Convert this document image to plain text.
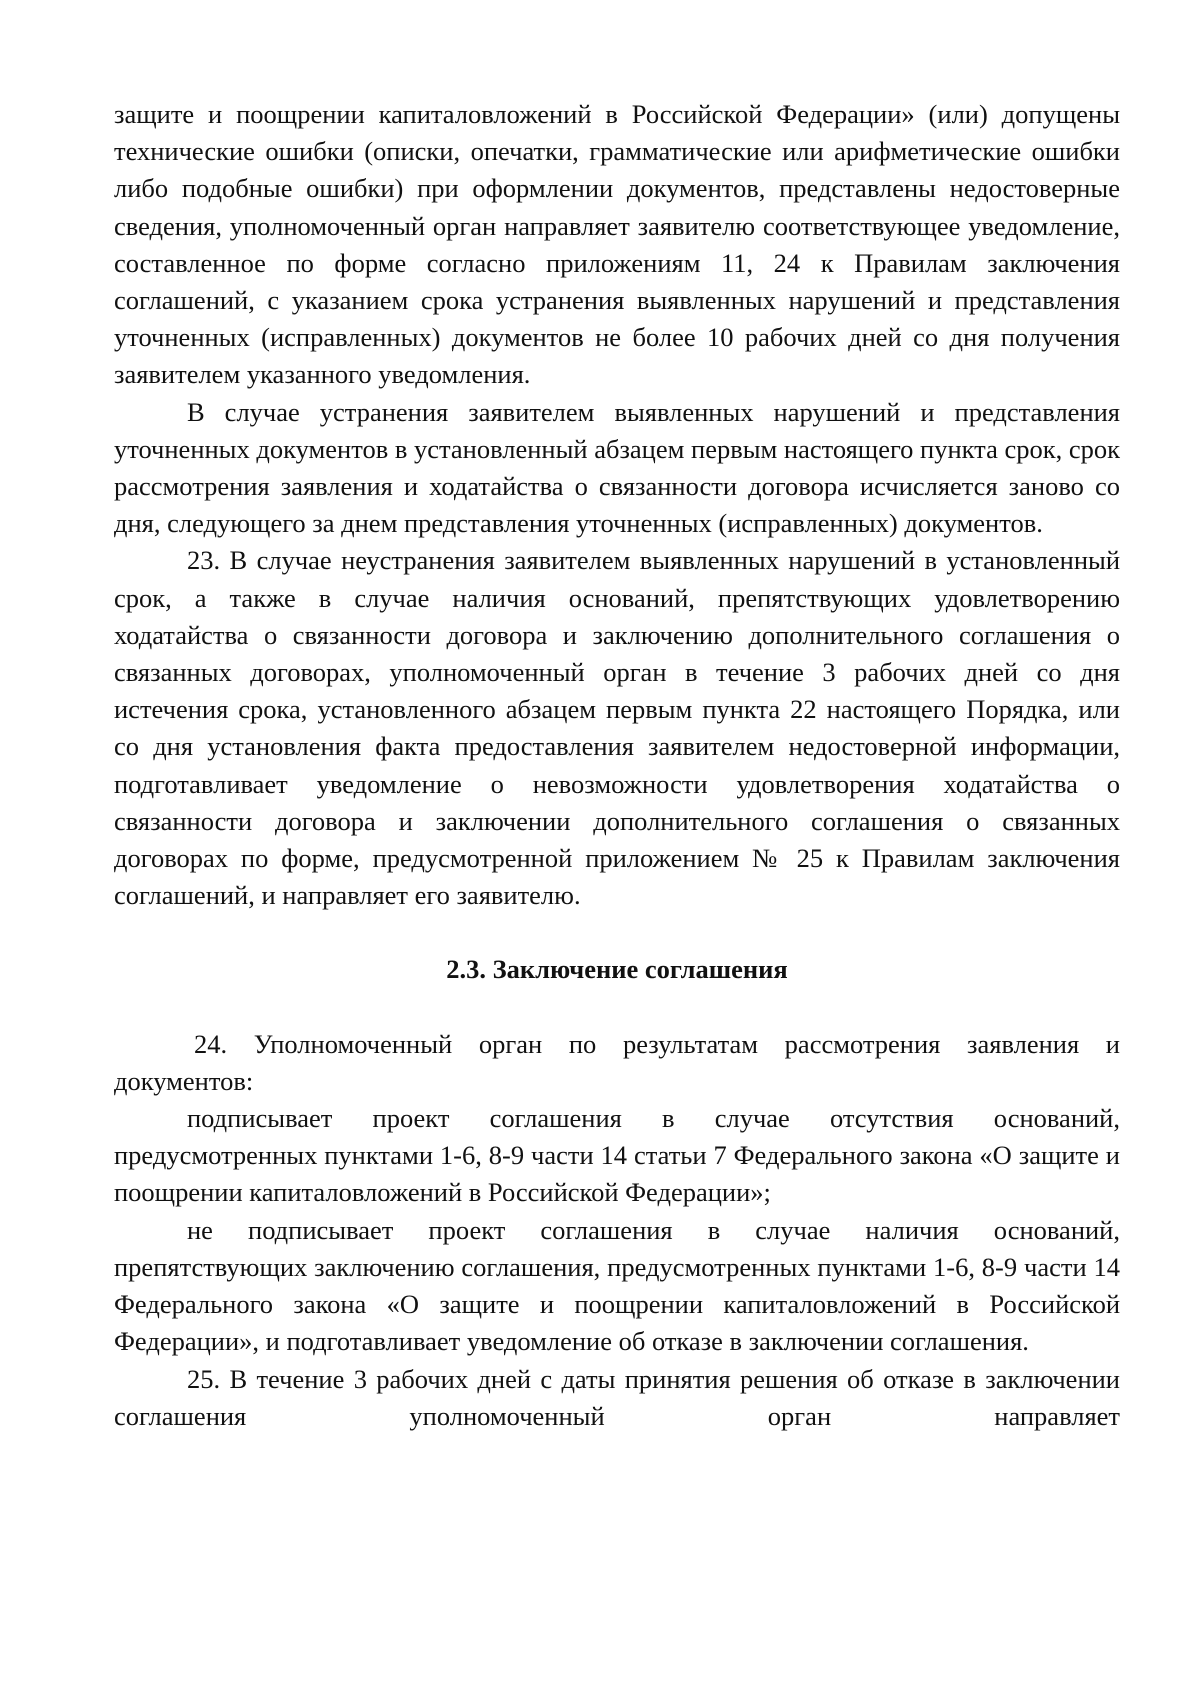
защите и поощрении капиталовложений в Российской Федерации» (или) допущены технические ошибки (описки, опечатки, грамматические или арифметические ошибки либо подобные ошибки) при оформлении документов, представлены недостоверные сведения, уполномоченный орган направляет заявителю соответствующее уведомление, составленное по форме согласно приложениям 11, 24 к Правилам заключения соглашений, с указанием срока устранения выявленных нарушений и представления уточненных (исправленных) документов не более 10 рабочих дней со дня получения заявителем указанного уведомления.

В случае устранения заявителем выявленных нарушений и представления уточненных документов в установленный абзацем первым настоящего пункта срок, срок рассмотрения заявления и ходатайства о связанности договора исчисляется заново со дня, следующего за днем представления уточненных (исправленных) документов.

23. В случае неустранения заявителем выявленных нарушений в установленный срок, а также в случае наличия оснований, препятствующих удовлетворению ходатайства о связанности договора и заключению дополнительного соглашения о связанных договорах, уполномоченный орган в течение 3 рабочих дней со дня истечения срока, установленного абзацем первым пункта 22 настоящего Порядка, или со дня установления факта предоставления заявителем недостоверной информации, подготавливает уведомление о невозможности удовлетворения ходатайства о связанности договора и заключении дополнительного соглашения о связанных договорах по форме, предусмотренной приложением № 25 к Правилам заключения соглашений, и направляет его заявителю.

2.3. Заключение соглашения

24. Уполномоченный орган по результатам рассмотрения заявления и документов:

подписывает проект соглашения в случае отсутствия оснований, предусмотренных пунктами 1-6, 8-9 части 14 статьи 7 Федерального закона «О защите и поощрении капиталовложений в Российской Федерации»;

не подписывает проект соглашения в случае наличия оснований, препятствующих заключению соглашения, предусмотренных пунктами 1-6, 8-9 части 14 Федерального закона «О защите и поощрении капиталовложений в Российской Федерации», и подготавливает уведомление об отказе в заключении соглашения.

25. В течение 3 рабочих дней с даты принятия решения об отказе в заключении соглашения уполномоченный орган направляет
